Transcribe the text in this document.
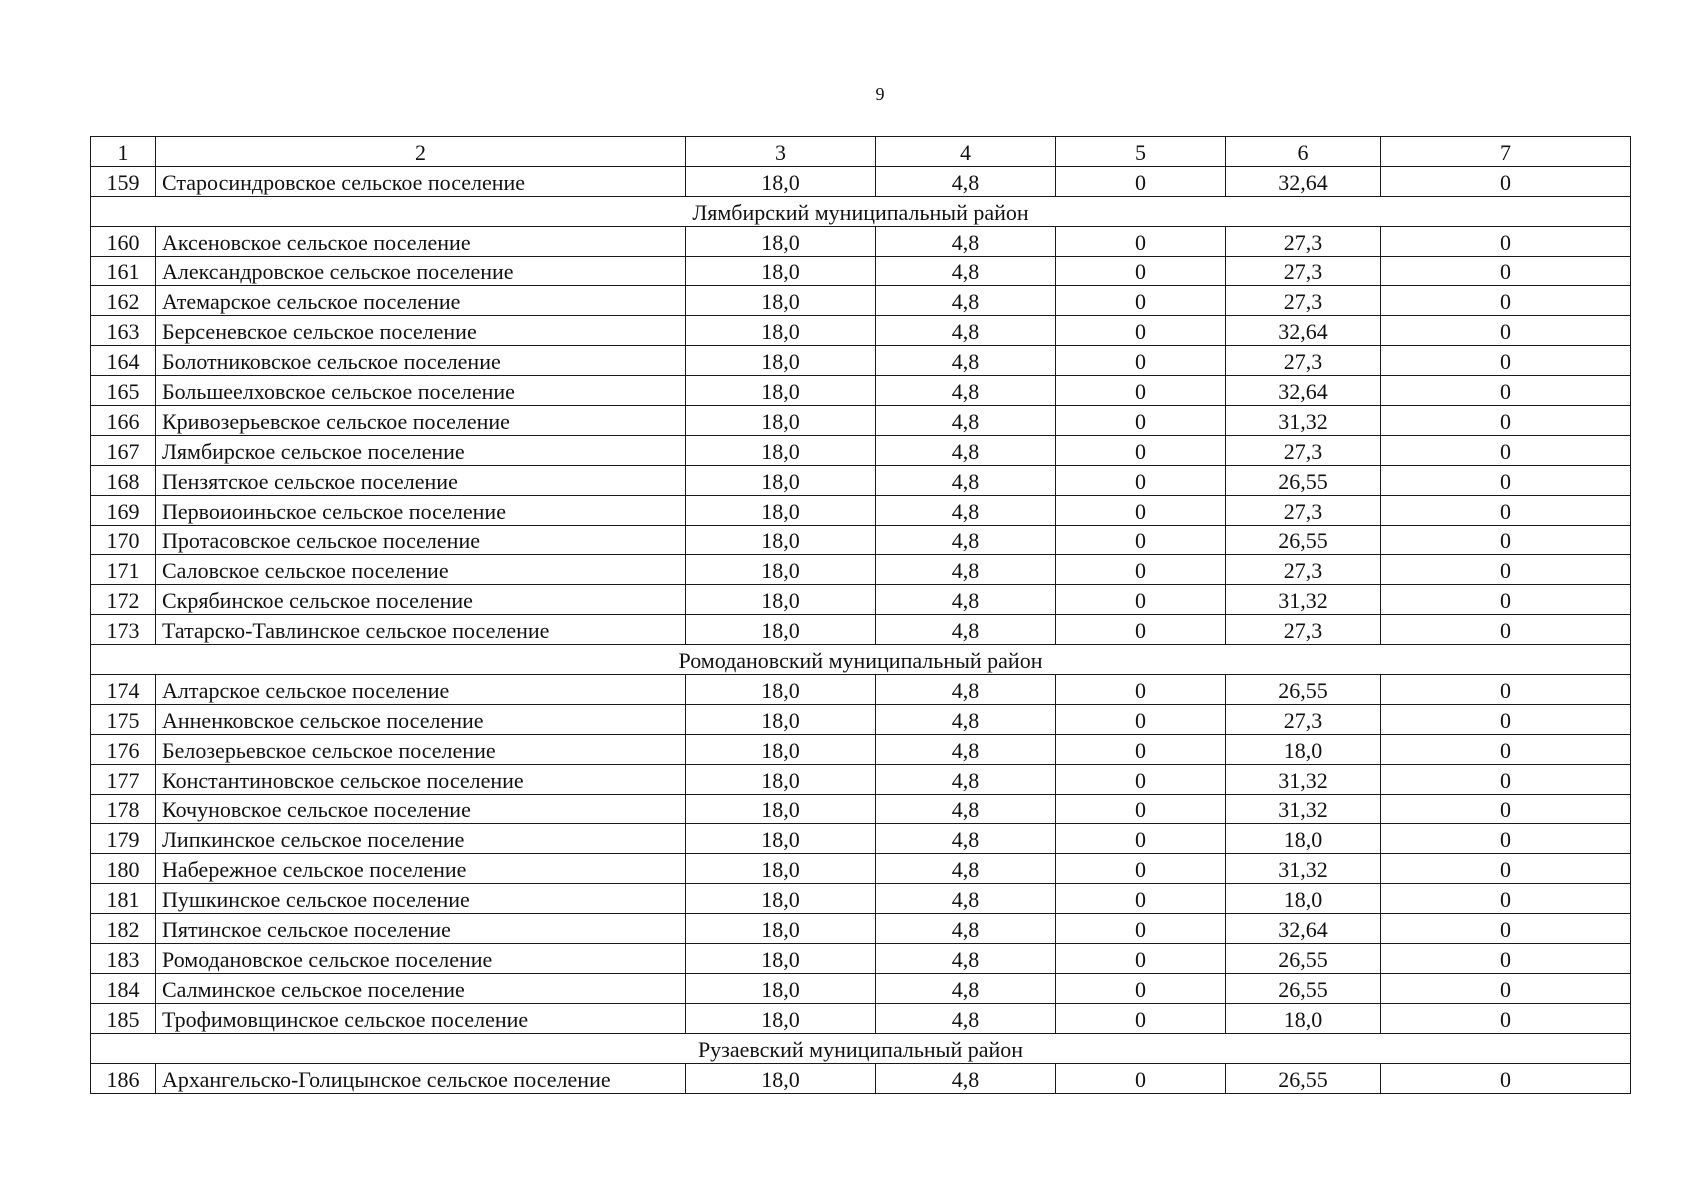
9
1	2	3	4	5	6	7
159	Старосиндровское сельское поселение	18,0	4,8	0	32,64	0
Лямбирский муниципальный район						
160	Аксеновское сельское поселение	18,0	4,8	0	27,3	0
161	Александровское сельское поселение	18,0	4,8	0	27,3	0
162	Атемарское сельское поселение	18,0	4,8	0	27,3	0
163	Берсеневское сельское поселение	18,0	4,8	0	32,64	0
164	Болотниковское сельское поселение	18,0	4,8	0	27,3	0
165	Большеелховское сельское поселение	18,0	4,8	0	32,64	0
166	Кривозерьевское сельское поселение	18,0	4,8	0	31,32	0
167	Лямбирское сельское поселение	18,0	4,8	0	27,3	0
168	Пензятское сельское поселение	18,0	4,8	0	26,55	0
169	Первоиоиньское сельское поселение	18,0	4,8	0	27,3	0
170	Протасовское сельское поселение	18,0	4,8	0	26,55	0
171	Саловское сельское поселение	18,0	4,8	0	27,3	0
172	Скрябинское сельское поселение	18,0	4,8	0	31,32	0
173	Татарско-Тавлинское сельское поселение	18,0	4,8	0	27,3	0
Ромодановский муниципальный район						
174	Алтарское сельское поселение	18,0	4,8	0	26,55	0
175	Анненковское сельское поселение	18,0	4,8	0	27,3	0
176	Белозерьевское сельское поселение	18,0	4,8	0	18,0	0
177	Константиновское сельское поселение	18,0	4,8	0	31,32	0
178	Кочуновское сельское поселение	18,0	4,8	0	31,32	0
179	Липкинское сельское поселение	18,0	4,8	0	18,0	0
180	Набережное сельское поселение	18,0	4,8	0	31,32	0
181	Пушкинское сельское поселение	18,0	4,8	0	18,0	0
182	Пятинское сельское поселение	18,0	4,8	0	32,64	0
183	Ромодановское сельское поселение	18,0	4,8	0	26,55	0
184	Салминское сельское поселение	18,0	4,8	0	26,55	0
185	Трофимовщинское сельское поселение	18,0	4,8	0	18,0	0
Рузаевский муниципальный район						
186	Архангельско-Голицынское сельское поселение	18,0	4,8	0	26,55	0
